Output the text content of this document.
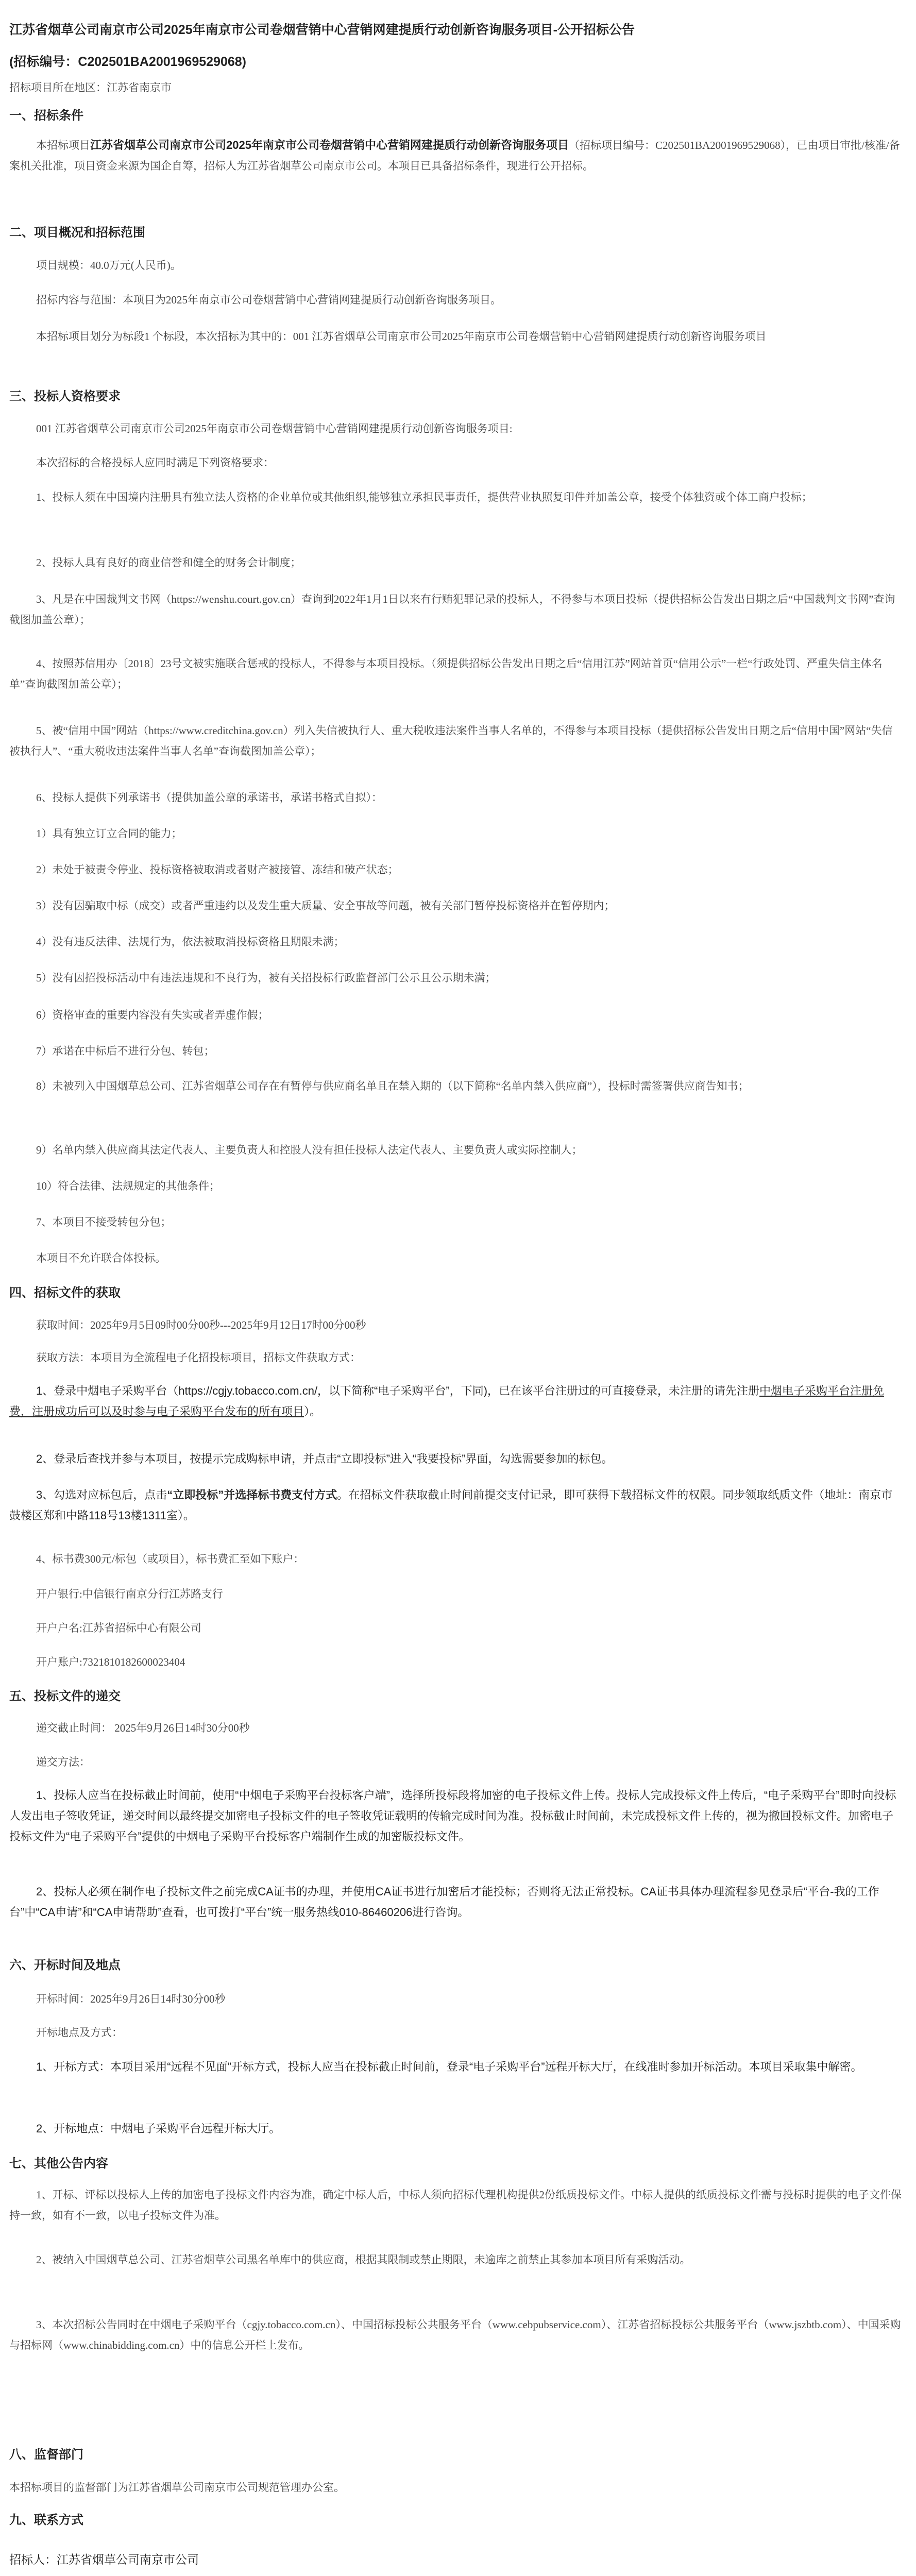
江苏省烟草公司南京市公司2025年南京市公司卷烟营销中心营销网建提质行动创新咨询服务项目-公开招标公告
(招标编号：C202501BA2001969529068)
招标项目所在地区：江苏省南京市
一、招标条件
本招标项目江苏省烟草公司南京市公司2025年南京市公司卷烟营销中心营销网建提质行动创新咨询服务项目（招标项目编号：C202501BA2001969529068），已由项目审批/核准/备案机关批准，项目资金来源为国企自筹，招标人为江苏省烟草公司南京市公司。本项目已具备招标条件，现进行公开招标。
二、项目概况和招标范围
项目规模：40.0万元(人民币)。
招标内容与范围：本项目为2025年南京市公司卷烟营销中心营销网建提质行动创新咨询服务项目。
本招标项目划分为标段1 个标段，本次招标为其中的：001 江苏省烟草公司南京市公司2025年南京市公司卷烟营销中心营销网建提质行动创新咨询服务项目
三、投标人资格要求
001 江苏省烟草公司南京市公司2025年南京市公司卷烟营销中心营销网建提质行动创新咨询服务项目:
本次招标的合格投标人应同时满足下列资格要求：
1、投标人须在中国境内注册具有独立法人资格的企业单位或其他组织,能够独立承担民事责任，提供营业执照复印件并加盖公章，接受个体独资或个体工商户投标；
2、投标人具有良好的商业信誉和健全的财务会计制度；
3、凡是在中国裁判文书网（https://wenshu.court.gov.cn）查询到2022年1月1日以来有行贿犯罪记录的投标人，不得参与本项目投标（提供招标公告发出日期之后“中国裁判文书网”查询截图加盖公章）；
4、按照苏信用办〔2018〕23号文被实施联合惩戒的投标人，不得参与本项目投标。（须提供招标公告发出日期之后“信用江苏”网站首页“信用公示”一栏“行政处罚、严重失信主体名单”查询截图加盖公章）；
5、被“信用中国”网站（https://www.creditchina.gov.cn）列入失信被执行人、重大税收违法案件当事人名单的，不得参与本项目投标（提供招标公告发出日期之后“信用中国”网站“失信被执行人”、“重大税收违法案件当事人名单”查询截图加盖公章）；
6、投标人提供下列承诺书（提供加盖公章的承诺书，承诺书格式自拟）：
1）具有独立订立合同的能力；
2）未处于被责令停业、投标资格被取消或者财产被接管、冻结和破产状态；
3）没有因骗取中标（成交）或者严重违约以及发生重大质量、安全事故等问题，被有关部门暂停投标资格并在暂停期内；
4）没有违反法律、法规行为，依法被取消投标资格且期限未满；
5）没有因招投标活动中有违法违规和不良行为，被有关招投标行政监督部门公示且公示期未满；
6）资格审查的重要内容没有失实或者弄虚作假；
7）承诺在中标后不进行分包、转包；
8）未被列入中国烟草总公司、江苏省烟草公司存在有暂停与供应商名单且在禁入期的（以下简称“名单内禁入供应商”），投标时需签署供应商告知书；
9）名单内禁入供应商其法定代表人、主要负责人和控股人没有担任投标人法定代表人、主要负责人或实际控制人；
10）符合法律、法规规定的其他条件；
7、本项目不接受转包分包；
本项目不允许联合体投标。
四、招标文件的获取
获取时间：2025年9月5日09时00分00秒---2025年9月12日17时00分00秒
获取方法：本项目为全流程电子化招投标项目，招标文件获取方式：
1、登录中烟电子采购平台（https://cgjy.tobacco.com.cn/，以下简称“电子采购平台”，下同)，已在该平台注册过的可直接登录，未注册的请先注册中烟电子采购平台注册免费，注册成功后可以及时参与电子采购平台发布的所有项目）。
2、登录后查找并参与本项目，按提示完成购标申请，并点击“立即投标”进入“我要投标”界面，勾选需要参加的标包。
3、勾选对应标包后，点击“立即投标”并选择标书费支付方式。在招标文件获取截止时间前提交支付记录，即可获得下载招标文件的权限。同步领取纸质文件（地址：南京市鼓楼区郑和中路118号13楼1311室）。
4、标书费300元/标包（或项目），标书费汇至如下账户：
开户银行:中信银行南京分行江苏路支行
开户户名:江苏省招标中心有限公司
开户账户:7321810182600023404
五、投标文件的递交
递交截止时间： 2025年9月26日14时30分00秒
递交方法：
1、投标人应当在投标截止时间前，使用“中烟电子采购平台投标客户端”，选择所投标段将加密的电子投标文件上传。投标人完成投标文件上传后，“电子采购平台”即时向投标人发出电子签收凭证，递交时间以最终提交加密电子投标文件的电子签收凭证载明的传输完成时间为准。投标截止时间前，未完成投标文件上传的，视为撤回投标文件。加密电子投标文件为“电子采购平台”提供的中烟电子采购平台投标客户端制作生成的加密版投标文件。
2、投标人必须在制作电子投标文件之前完成CA证书的办理，并使用CA证书进行加密后才能投标；否则将无法正常投标。CA证书具体办理流程参见登录后“平台-我的工作台”中“CA申请”和“CA申请帮助”查看，也可拨打“平台”统一服务热线010-86460206进行咨询。
六、开标时间及地点
开标时间：2025年9月26日14时30分00秒
开标地点及方式：
1、开标方式：本项目采用“远程不见面”开标方式，投标人应当在投标截止时间前，登录“电子采购平台”远程开标大厅，在线准时参加开标活动。本项目采取集中解密。
2、开标地点：中烟电子采购平台远程开标大厅。
七、其他公告内容
1、开标、评标以投标人上传的加密电子投标文件内容为准，确定中标人后，中标人须向招标代理机构提供2份纸质投标文件。中标人提供的纸质投标文件需与投标时提供的电子文件保持一致，如有不一致，以电子投标文件为准。
2、被纳入中国烟草总公司、江苏省烟草公司黑名单库中的供应商，根据其限制或禁止期限，未逾库之前禁止其参加本项目所有采购活动。
3、本次招标公告同时在中烟电子采购平台（cgjy.tobacco.com.cn）、中国招标投标公共服务平台（www.cebpubservice.com）、江苏省招标投标公共服务平台（www.jszbtb.com）、中国采购与招标网（www.chinabidding.com.cn）中的信息公开栏上发布。
八、监督部门
本招标项目的监督部门为江苏省烟草公司南京市公司规范管理办公室。
九、联系方式
招标人：江苏省烟草公司南京市公司
